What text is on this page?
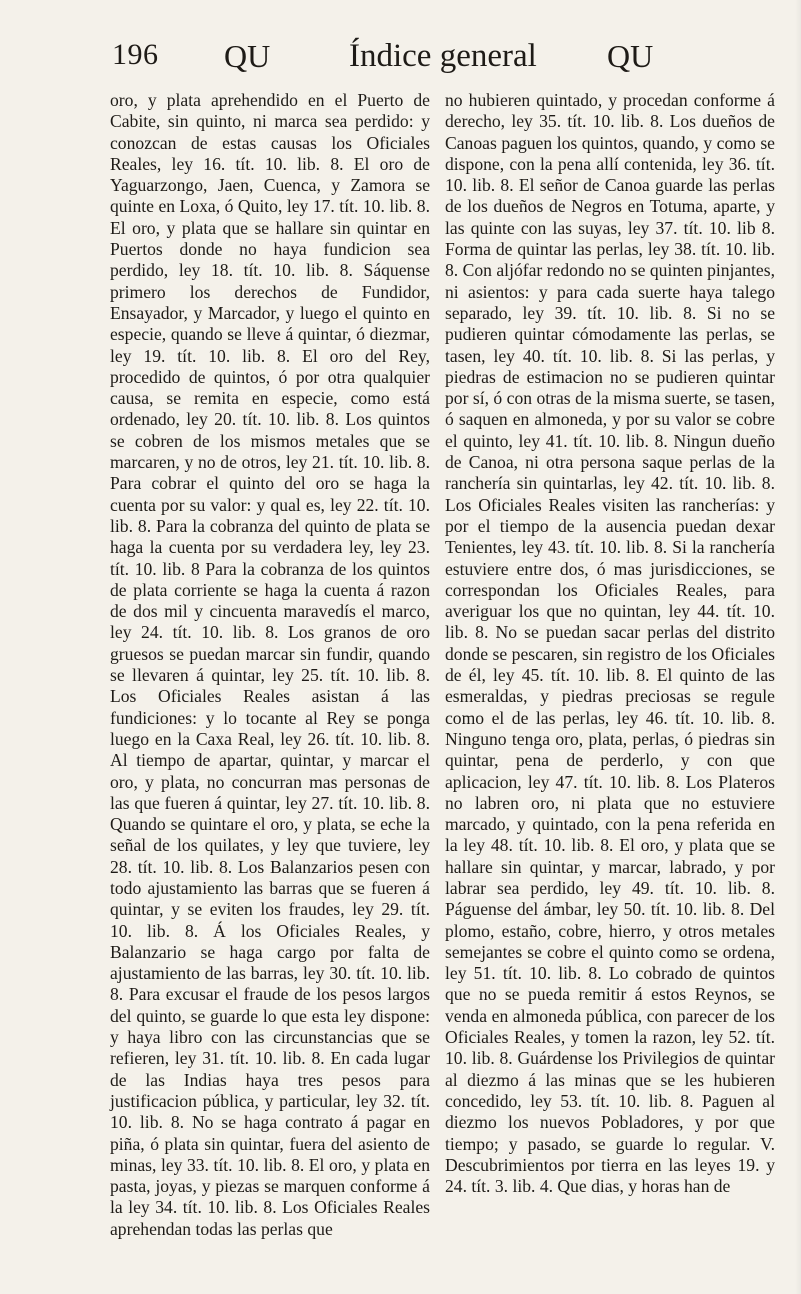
196 QU Índice general QU

oro, y plata aprehendido en el Puerto de Cabite, sin quinto, ni marca sea perdido: y conozcan de estas causas los Oficiales Reales, ley 16. tít. 10. lib. 8. El oro de Yaguarzongo, Jaen, Cuenca, y Zamora se quinte en Loxa, ó Quito, ley 17. tít. 10. lib. 8. El oro, y plata que se hallare sin quintar en Puertos donde no haya fundicion sea perdido, ley 18. tít. 10. lib. 8. Sáquense primero los derechos de Fundidor, Ensayador, y Marcador, y luego el quinto en especie, quando se lleve á quintar, ó diezmar, ley 19. tít. 10. lib. 8. El oro del Rey, procedido de quintos, ó por otra qualquier causa, se remita en especie, como está ordenado, ley 20. tít. 10. lib. 8. Los quintos se cobren de los mismos metales que se marcaren, y no de otros, ley 21. tít. 10. lib. 8. Para cobrar el quinto del oro se haga la cuenta por su valor: y qual es, ley 22. tít. 10. lib. 8. Para la cobranza del quinto de plata se haga la cuenta por su verdadera ley, ley 23. tít. 10. lib. 8 Para la cobranza de los quintos de plata corriente se haga la cuenta á razon de dos mil y cincuenta maravedís el marco, ley 24. tít. 10. lib. 8. Los granos de oro gruesos se puedan marcar sin fundir, quando se llevaren á quintar, ley 25. tít. 10. lib. 8. Los Oficiales Reales asistan á las fundiciones: y lo tocante al Rey se ponga luego en la Caxa Real, ley 26. tít. 10. lib. 8. Al tiempo de apartar, quintar, y marcar el oro, y plata, no concurran mas personas de las que fueren á quintar, ley 27. tít. 10. lib. 8. Quando se quintare el oro, y plata, se eche la señal de los quilates, y ley que tuviere, ley 28. tít. 10. lib. 8. Los Balanzarios pesen con todo ajustamiento las barras que se fueren á quintar, y se eviten los fraudes, ley 29. tít. 10. lib. 8. Á los Oficiales Reales, y Balanzario se haga cargo por falta de ajustamiento de las barras, ley 30. tít. 10. lib. 8. Para excusar el fraude de los pesos largos del quinto, se guarde lo que esta ley dispone: y haya libro con las circunstancias que se refieren, ley 31. tít. 10. lib. 8. En cada lugar de las Indias haya tres pesos para justificacion pública, y particular, ley 32. tít. 10. lib. 8. No se haga contrato á pagar en piña, ó plata sin quintar, fuera del asiento de minas, ley 33. tít. 10. lib. 8. El oro, y plata en pasta, joyas, y piezas se marquen conforme á la ley 34. tít. 10. lib. 8. Los Oficiales Reales aprehendan todas las perlas que

no hubieren quintado, y procedan conforme á derecho, ley 35. tít. 10. lib. 8. Los dueños de Canoas paguen los quintos, quando, y como se dispone, con la pena allí contenida, ley 36. tít. 10. lib. 8. El señor de Canoa guarde las perlas de los dueños de Negros en Totuma, aparte, y las quinte con las suyas, ley 37. tít. 10. lib 8. Forma de quintar las perlas, ley 38. tít. 10. lib. 8. Con aljófar redondo no se quinten pinjantes, ni asientos: y para cada suerte haya talego separado, ley 39. tít. 10. lib. 8. Si no se pudieren quintar cómodamente las perlas, se tasen, ley 40. tít. 10. lib. 8. Si las perlas, y piedras de estimacion no se pudieren quintar por sí, ó con otras de la misma suerte, se tasen, ó saquen en almoneda, y por su valor se cobre el quinto, ley 41. tít. 10. lib. 8. Ningun dueño de Canoa, ni otra persona saque perlas de la ranchería sin quintarlas, ley 42. tít. 10. lib. 8. Los Oficiales Reales visiten las rancherías: y por el tiempo de la ausencia puedan dexar Tenientes, ley 43. tít. 10. lib. 8. Si la ranchería estuviere entre dos, ó mas jurisdicciones, se correspondan los Oficiales Reales, para averiguar los que no quintan, ley 44. tít. 10. lib. 8. No se puedan sacar perlas del distrito donde se pescaren, sin registro de los Oficiales de él, ley 45. tít. 10. lib. 8. El quinto de las esmeraldas, y piedras preciosas se regule como el de las perlas, ley 46. tít. 10. lib. 8. Ninguno tenga oro, plata, perlas, ó piedras sin quintar, pena de perderlo, y con que aplicacion, ley 47. tít. 10. lib. 8. Los Plateros no labren oro, ni plata que no estuviere marcado, y quintado, con la pena referida en la ley 48. tít. 10. lib. 8. El oro, y plata que se hallare sin quintar, y marcar, labrado, y por labrar sea perdido, ley 49. tít. 10. lib. 8. Páguense del ámbar, ley 50. tít. 10. lib. 8. Del plomo, estaño, cobre, hierro, y otros metales semejantes se cobre el quinto como se ordena, ley 51. tít. 10. lib. 8. Lo cobrado de quintos que no se pueda remitir á estos Reynos, se venda en almoneda pública, con parecer de los Oficiales Reales, y tomen la razon, ley 52. tít. 10. lib. 8. Guárdense los Privilegios de quintar al diezmo á las minas que se les hubieren concedido, ley 53. tít. 10. lib. 8. Paguen al diezmo los nuevos Pobladores, y por que tiempo; y pasado, se guarde lo regular. V. Descubrimientos por tierra en las leyes 19. y 24. tít. 3. lib. 4. Que dias, y horas han de
